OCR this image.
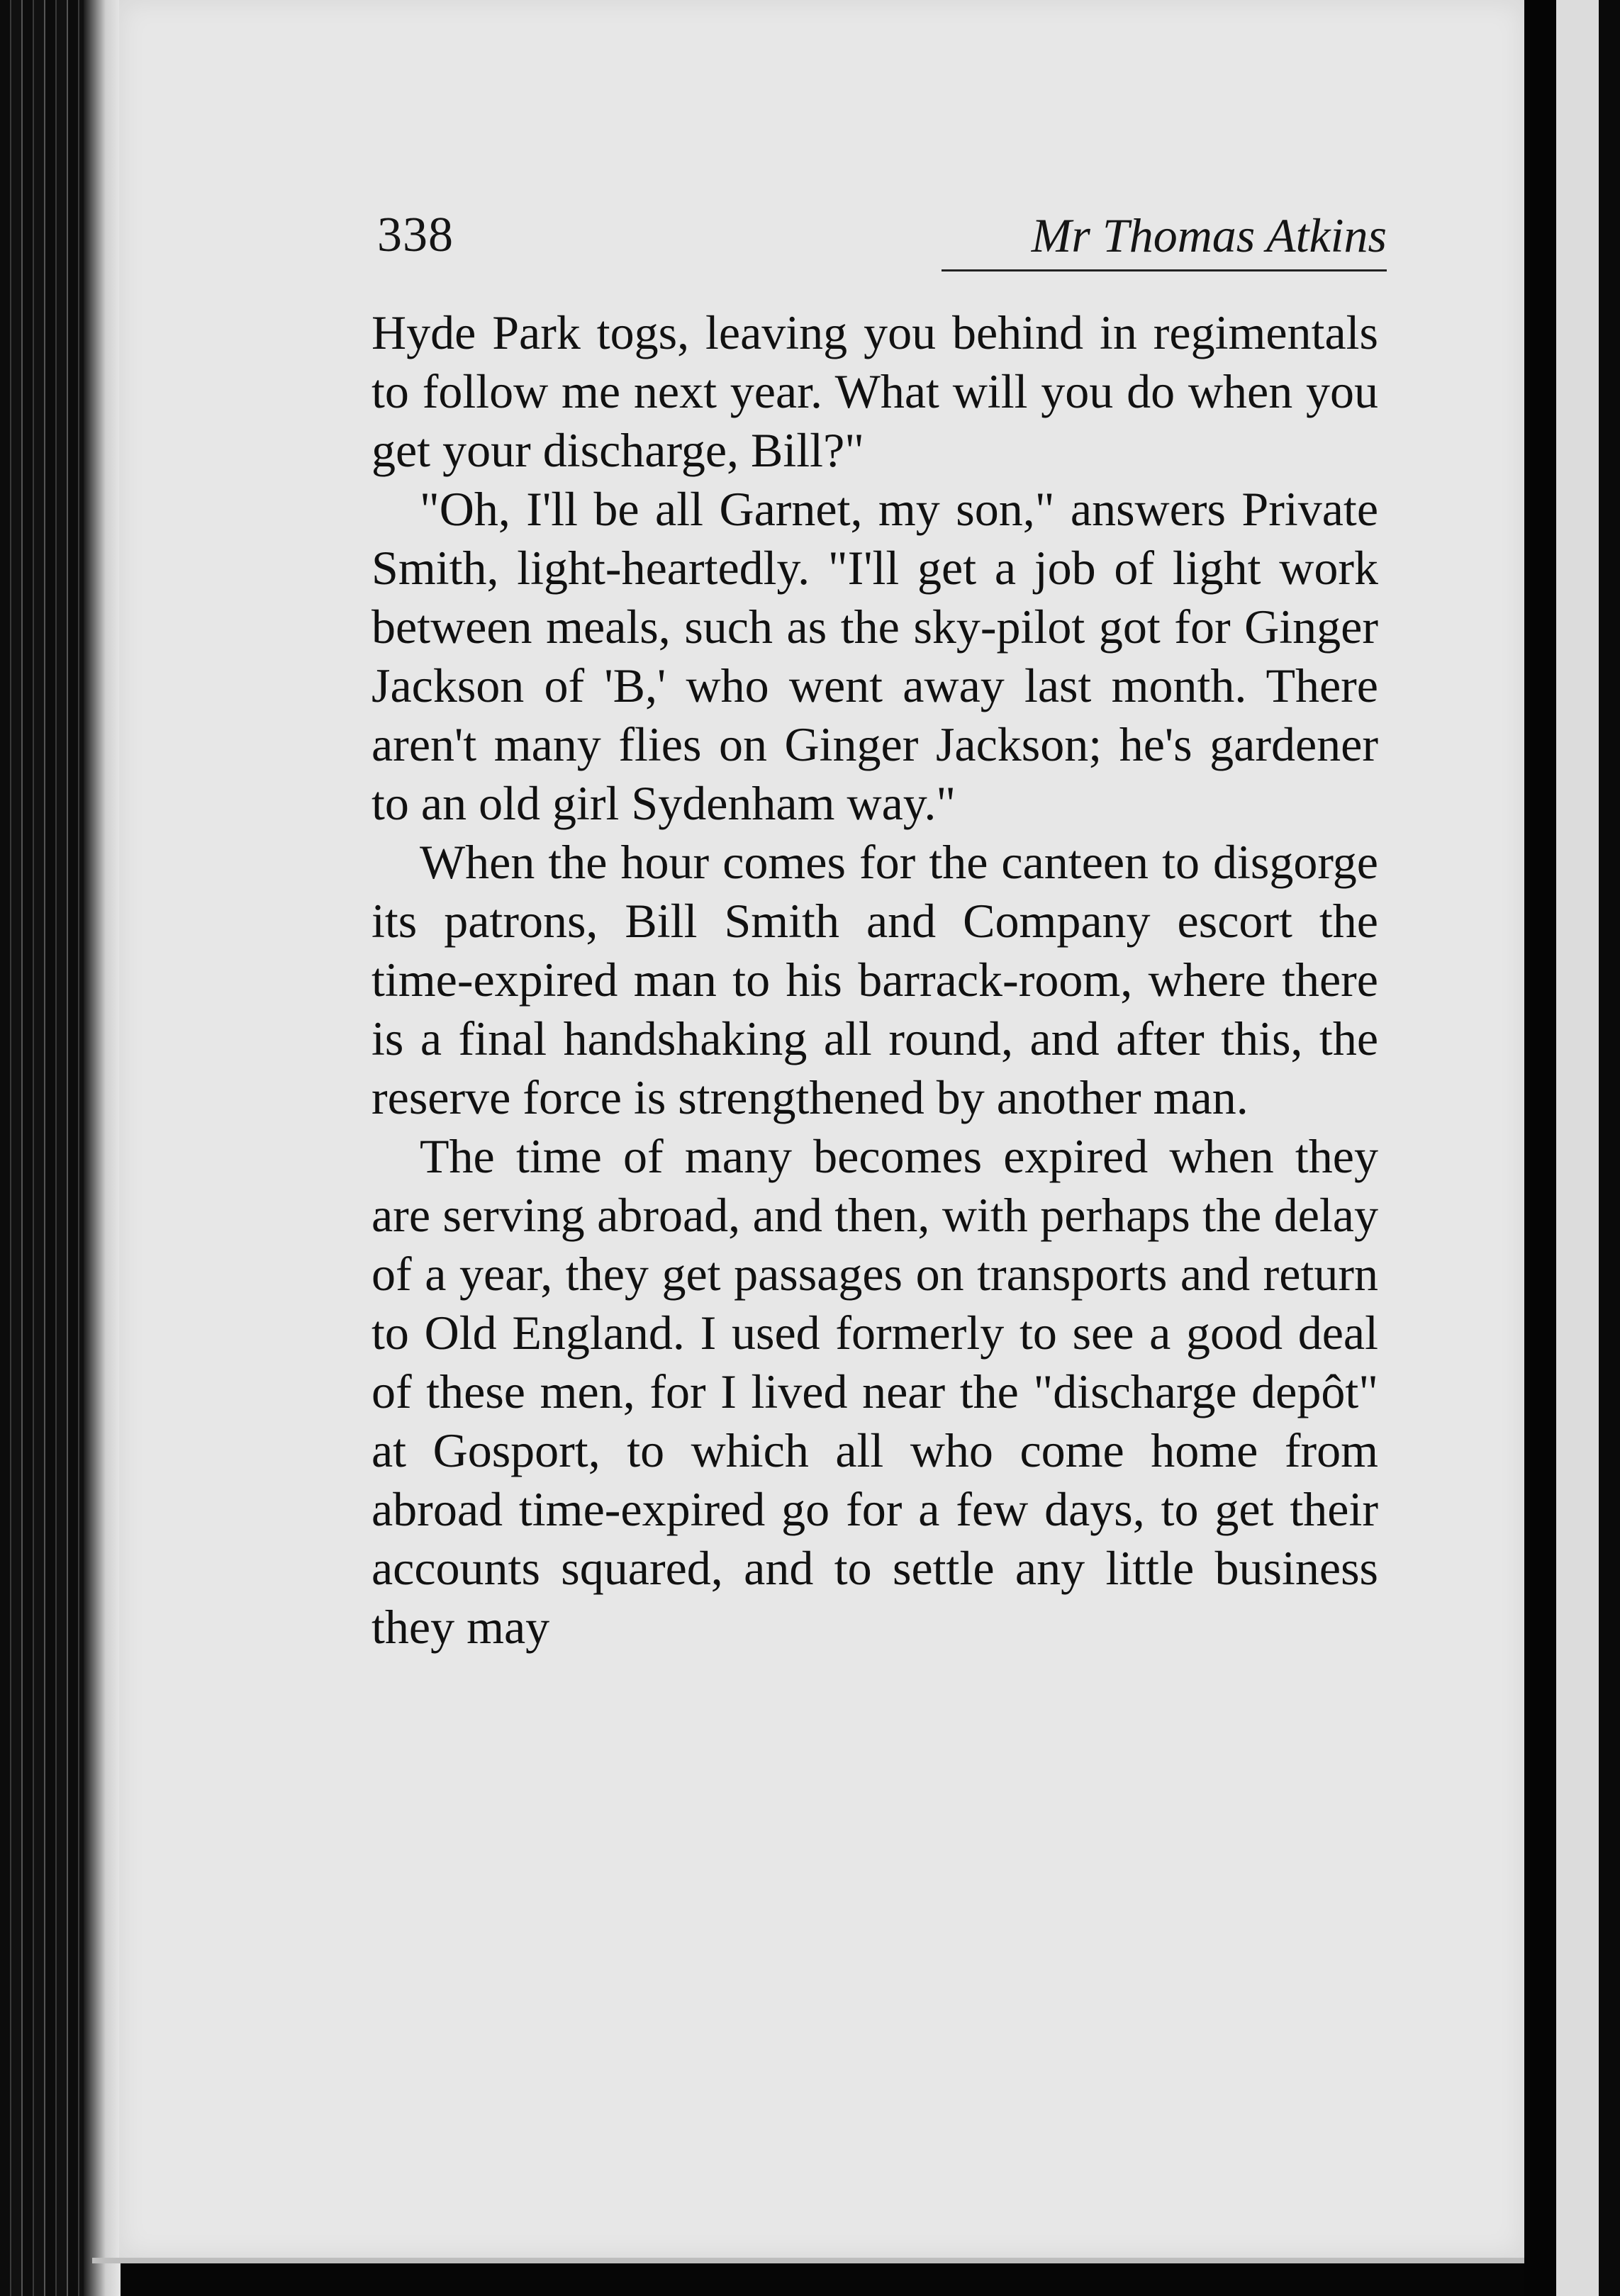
338	Mr Thomas Atkins

Hyde Park togs, leaving you behind in regimentals to follow me next year. What will you do when you get your discharge, Bill?"

"Oh, I'll be all Garnet, my son," answers Private Smith, light-heartedly. "I'll get a job of light work between meals, such as the sky-pilot got for Ginger Jackson of 'B,' who went away last month. There aren't many flies on Ginger Jackson; he's gardener to an old girl Sydenham way."

When the hour comes for the canteen to disgorge its patrons, Bill Smith and Company escort the time-expired man to his barrack-room, where there is a final handshaking all round, and after this, the reserve force is strengthened by another man.

The time of many becomes expired when they are serving abroad, and then, with perhaps the delay of a year, they get passages on transports and return to Old England. I used formerly to see a good deal of these men, for I lived near the "discharge depôt" at Gosport, to which all who come home from abroad time-expired go for a few days, to get their accounts squared, and to settle any little business they may
